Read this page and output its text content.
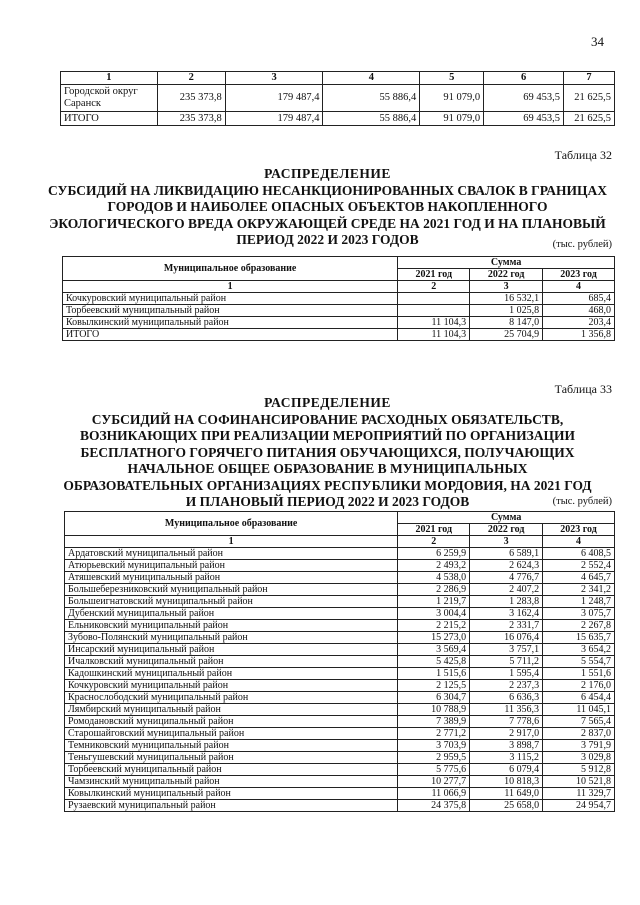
34
1	2	3	4	5	6	7
Городской округ Саранск	235 373,8	179 487,4	55 886,4	91 079,0	69 453,5	21 625,5
ИТОГО	235 373,8	179 487,4	55 886,4	91 079,0	69 453,5	21 625,5
Таблица 32
РАСПРЕДЕЛЕНИЕ
СУБСИДИЙ НА ЛИКВИДАЦИЮ НЕСАНКЦИОНИРОВАННЫХ СВАЛОК В ГРАНИЦАХ ГОРОДОВ И НАИБОЛЕЕ ОПАСНЫХ ОБЪЕКТОВ НАКОПЛЕННОГО ЭКОЛОГИЧЕСКОГО ВРЕДА ОКРУЖАЮЩЕЙ СРЕДЕ НА 2021 ГОД И НА ПЛАНОВЫЙ ПЕРИОД 2022 И 2023 ГОДОВ	(тыс. рублей)
Муниципальное образование	Сумма		
	2021 год	2022 год	2023 год
1	2	3	4
Кочкуровский муниципальный район		16 532,1	685,4
Торбеевский муниципальный район		1 025,8	468,0
Ковылкинский муниципальный район	11 104,3	8 147,0	203,4
ИТОГО	11 104,3	25 704,9	1 356,8
Таблица 33
РАСПРЕДЕЛЕНИЕ
СУБСИДИЙ НА СОФИНАНСИРОВАНИЕ РАСХОДНЫХ ОБЯЗАТЕЛЬСТВ, ВОЗНИКАЮЩИХ ПРИ РЕАЛИЗАЦИИ МЕРОПРИЯТИЙ ПО ОРГАНИЗАЦИИ БЕСПЛАТНОГО ГОРЯЧЕГО ПИТАНИЯ ОБУЧАЮЩИХСЯ, ПОЛУЧАЮЩИХ НАЧАЛЬНОЕ ОБЩЕЕ ОБРАЗОВАНИЕ В МУНИЦИПАЛЬНЫХ ОБРАЗОВАТЕЛЬНЫХ ОРГАНИЗАЦИЯХ РЕСПУБЛИКИ МОРДОВИЯ, НА 2021 ГОД И ПЛАНОВЫЙ ПЕРИОД 2022 И 2023 ГОДОВ	(тыс. рублей)
Муниципальное образование	Сумма		
	2021 год	2022 год	2023 год
1	2	3	4
Ардатовский муниципальный район	6 259,9	6 589,1	6 408,5
Атюрьевский муниципальный район	2 493,2	2 624,3	2 552,4
Атяшевский муниципальный район	4 538,0	4 776,7	4 645,7
Большеберезниковский муниципальный район	2 286,9	2 407,2	2 341,2
Большеигнатовский муниципальный район	1 219,7	1 283,8	1 248,7
Дубенский муниципальный район	3 004,4	3 162,4	3 075,7
Ельниковский муниципальный район	2 215,2	2 331,7	2 267,8
Зубово-Полянский муниципальный район	15 273,0	16 076,4	15 635,7
Инсарский муниципальный район	3 569,4	3 757,1	3 654,2
Ичалковский муниципальный район	5 425,8	5 711,2	5 554,7
Кадошкинский муниципальный район	1 515,6	1 595,4	1 551,6
Кочкуровский муниципальный район	2 125,5	2 237,3	2 176,0
Краснослободский муниципальный район	6 304,7	6 636,3	6 454,4
Лямбирский муниципальный район	10 788,9	11 356,3	11 045,1
Ромодановский муниципальный район	7 389,9	7 778,6	7 565,4
Старошайговский муниципальный район	2 771,2	2 917,0	2 837,0
Темниковский муниципальный район	3 703,9	3 898,7	3 791,9
Теньгушевский муниципальный район	2 959,5	3 115,2	3 029,8
Торбеевский муниципальный район	5 775,6	6 079,4	5 912,8
Чамзинский муниципальный район	10 277,7	10 818,3	10 521,8
Ковылкинский муниципальный район	11 066,9	11 649,0	11 329,7
Рузаевский муниципальный район	24 375,8	25 658,0	24 954,7
